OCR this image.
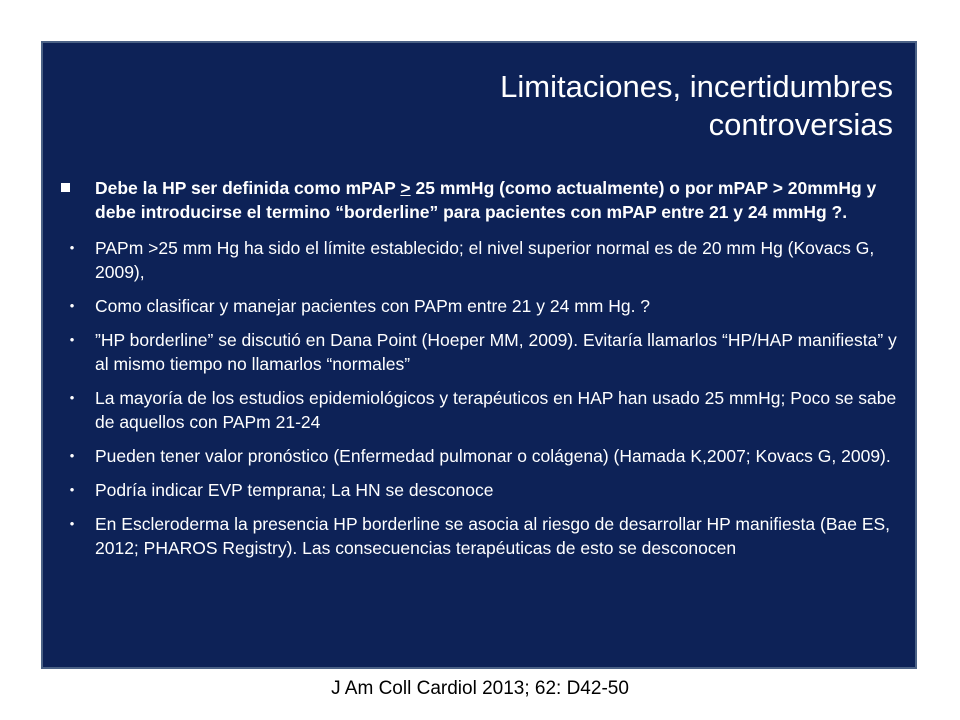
Limitaciones, incertidumbres
controversias
Debe la HP ser definida como mPAP ≥ 25 mmHg (como actualmente) o por mPAP > 20mmHg y debe introducirse el termino “borderline” para pacientes con mPAP entre 21 y 24 mmHg ?.
•	PAPm >25 mm Hg ha sido el límite establecido; el nivel superior normal es de 20 mm Hg (Kovacs G, 2009),
•	Como clasificar y manejar pacientes con PAPm entre 21 y 24 mm Hg. ?
•	”HP borderline” se discutió en Dana Point (Hoeper MM, 2009). Evitaría llamarlos “HP/HAP manifiesta” y al mismo tiempo no llamarlos “normales”
•	La mayoría de los estudios epidemiológicos y terapéuticos en HAP han usado 25 mmHg; Poco se sabe de aquellos con PAPm 21-24
•	Pueden tener valor pronóstico (Enfermedad pulmonar o colágena) (Hamada K,2007; Kovacs G, 2009).
•	Podría indicar EVP temprana; La HN se desconoce
•	En Escleroderma la presencia HP borderline se asocia al riesgo de desarrollar HP manifiesta (Bae ES, 2012; PHAROS Registry). Las consecuencias terapéuticas de esto se desconocen
J Am Coll Cardiol 2013; 62: D42-50
